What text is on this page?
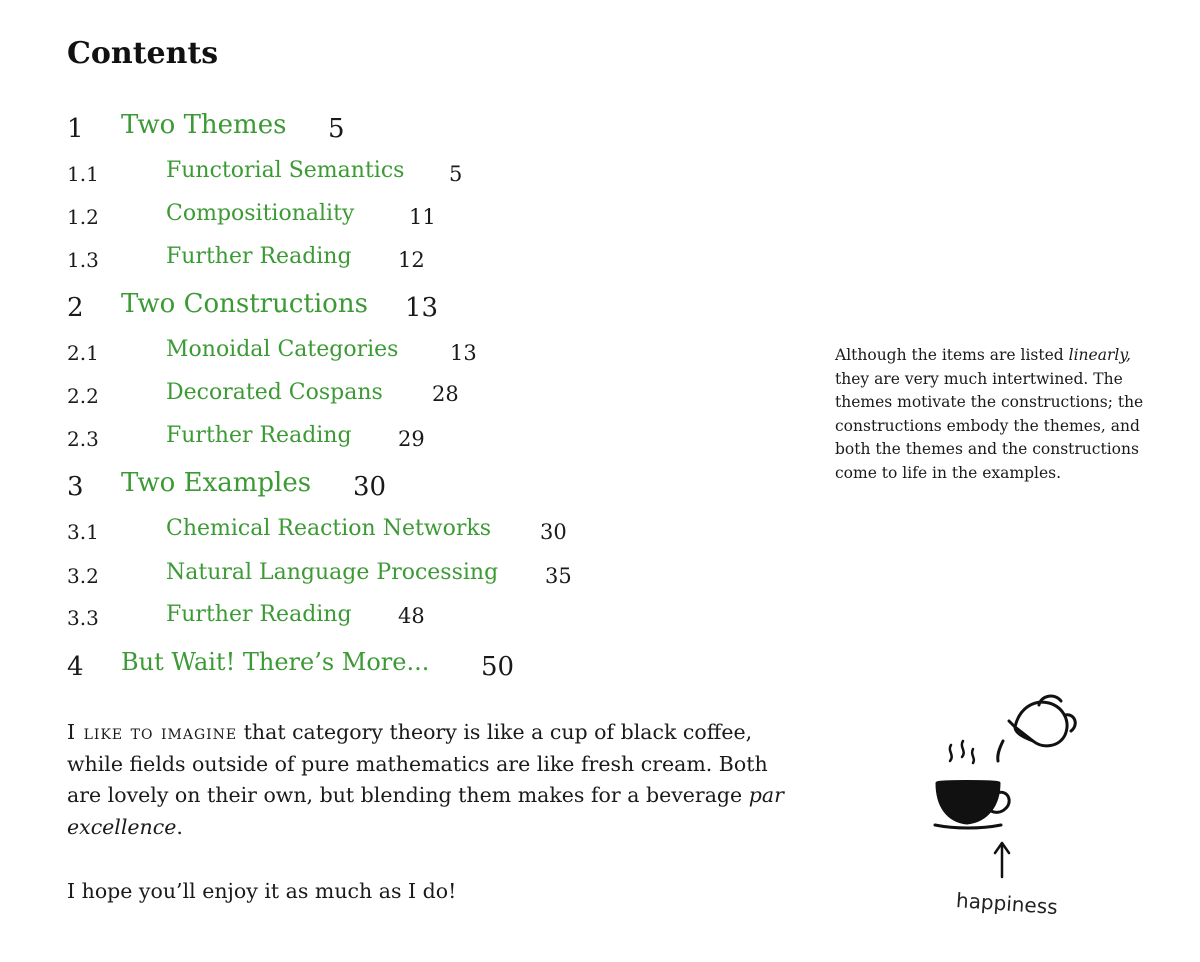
Contents
1 Two Themes 5
1.1	Functorial Semantics 5
1.2	Compositionality	11
1.3	Further Reading 12
2 Two Constructions 13
2.1	Monoidal Categories 13
2.2	Decorated Cospans 28
2.3	Further Reading 29
3 Two Examples 30
3.1	Chemical Reaction Networks 30
3.2	Natural Language Processing 35
3.3	Further Reading 48
4 But Wait! There’s More... 50
Although the items are listed linearly, they are very much intertwined. The themes motivate the constructions; the constructions embody the themes, and both the themes and the constructions come to life in the examples.

I like to imagine that category theory is like a cup of black coffee, while fields outside of pure mathematics are like fresh cream. Both are lovely on their own, but blending them makes for a beverage par excellence.

I hope you’ll enjoy it as much as I do!	happiness
